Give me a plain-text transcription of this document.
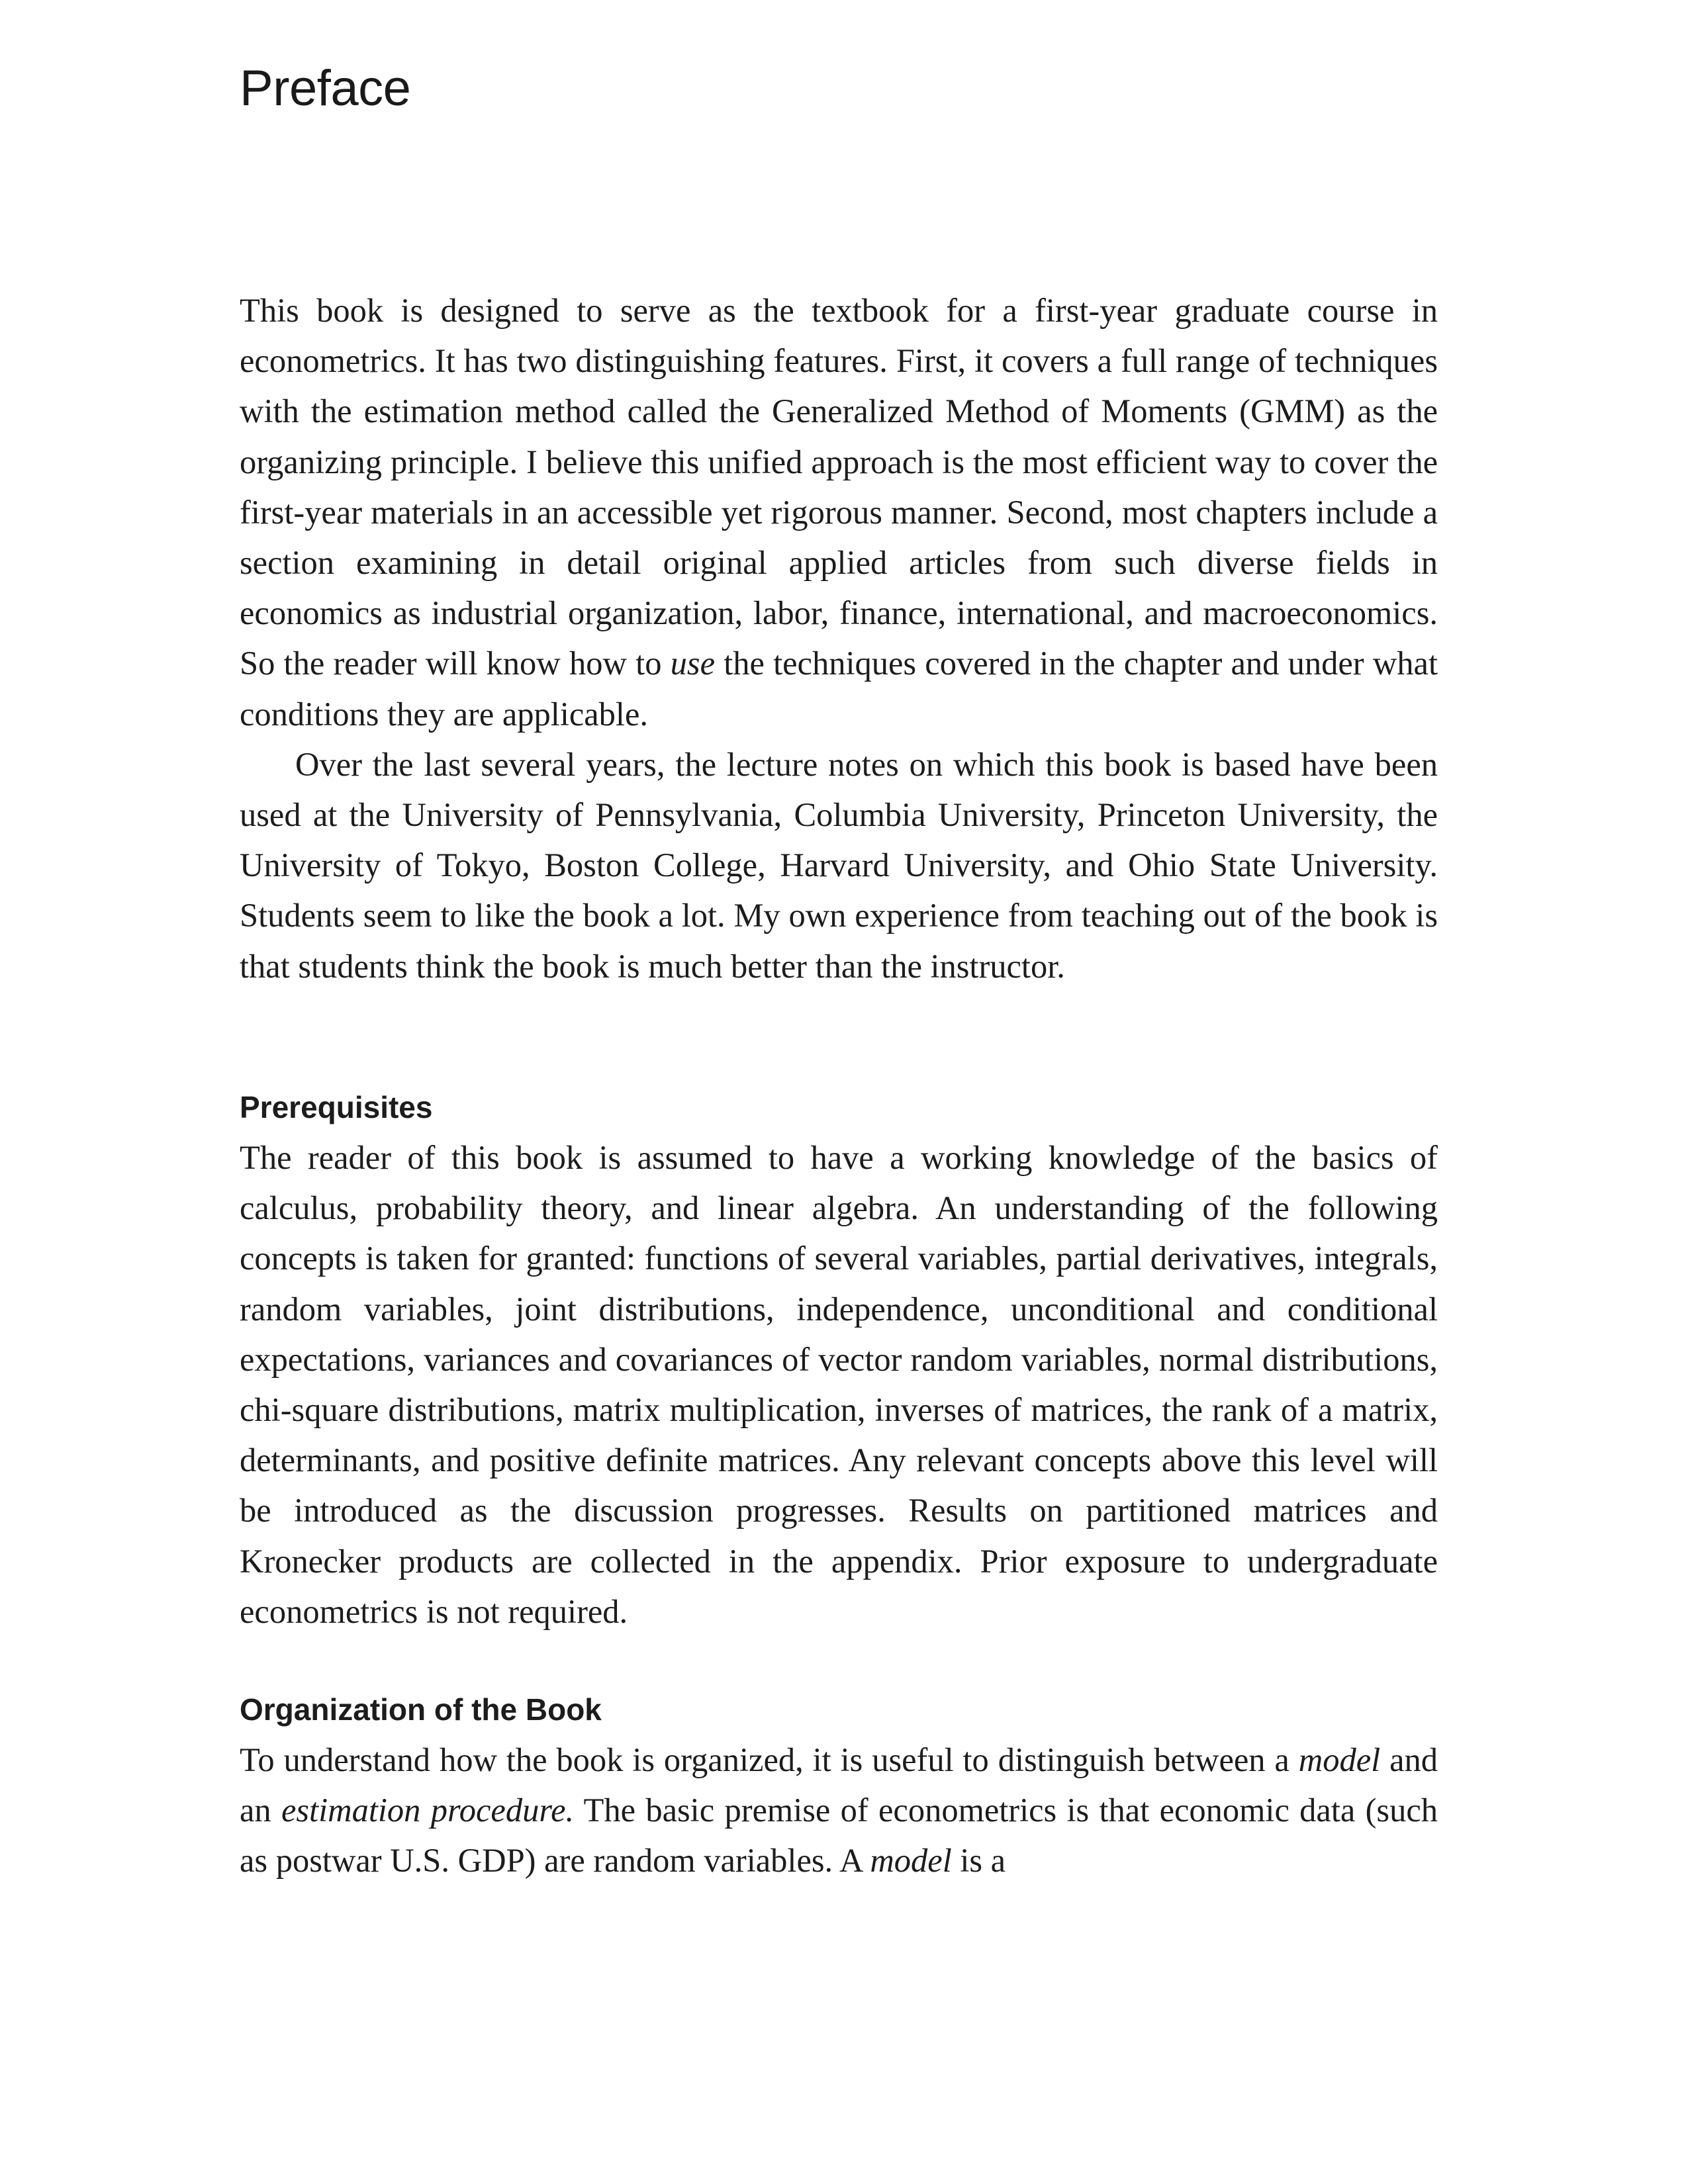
Preface

This book is designed to serve as the textbook for a first-year graduate course in econometrics. It has two distinguishing features. First, it covers a full range of techniques with the estimation method called the Generalized Method of Moments (GMM) as the organizing principle. I believe this unified approach is the most efficient way to cover the first-year materials in an accessible yet rigorous manner. Second, most chapters include a section examining in detail original applied articles from such diverse fields in economics as industrial organization, labor, finance, international, and macroeconomics. So the reader will know how to use the techniques covered in the chapter and under what conditions they are applicable.

Over the last several years, the lecture notes on which this book is based have been used at the University of Pennsylvania, Columbia University, Princeton University, the University of Tokyo, Boston College, Harvard University, and Ohio State University. Students seem to like the book a lot. My own experience from teaching out of the book is that students think the book is much better than the instructor.

Prerequisites

The reader of this book is assumed to have a working knowledge of the basics of calculus, probability theory, and linear algebra. An understanding of the following concepts is taken for granted: functions of several variables, partial derivatives, integrals, random variables, joint distributions, independence, unconditional and conditional expectations, variances and covariances of vector random variables, normal distributions, chi-square distributions, matrix multiplication, inverses of matrices, the rank of a matrix, determinants, and positive definite matrices. Any relevant concepts above this level will be introduced as the discussion progresses. Results on partitioned matrices and Kronecker products are collected in the appendix. Prior exposure to undergraduate econometrics is not required.

Organization of the Book

To understand how the book is organized, it is useful to distinguish between a model and an estimation procedure. The basic premise of econometrics is that economic data (such as postwar U.S. GDP) are random variables. A model is a
